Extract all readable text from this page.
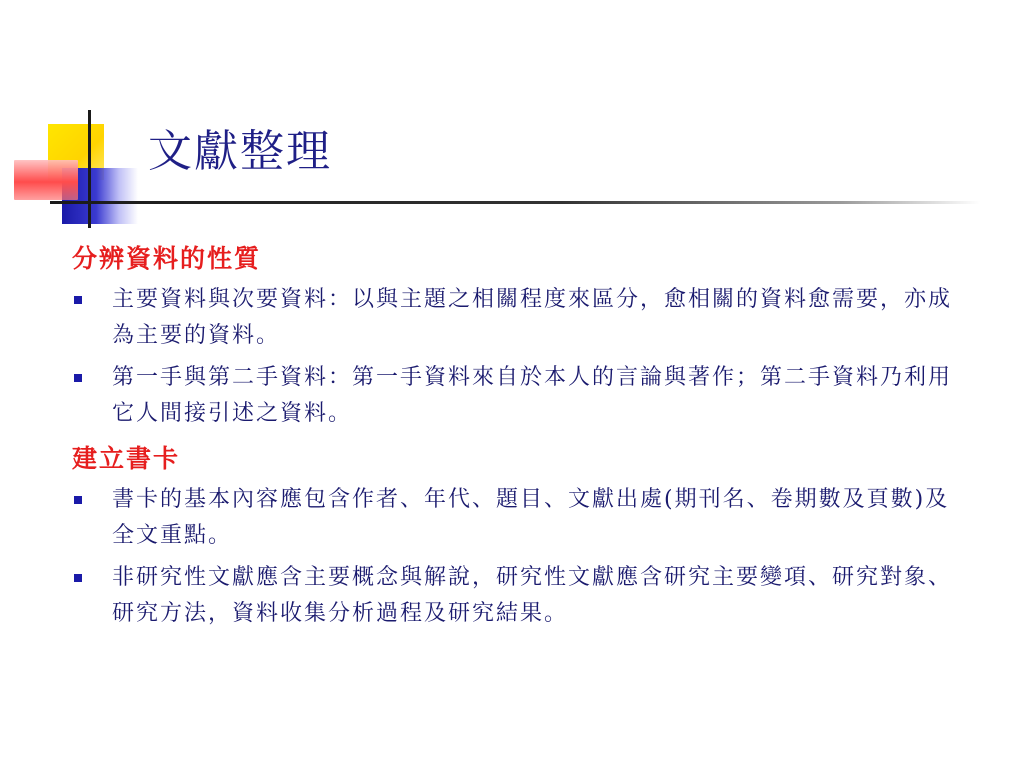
文獻整理
分辨資料的性質
主要資料與次要資料：以與主題之相關程度來區分，愈相關的資料愈需要，亦成為主要的資料。
第一手與第二手資料：第一手資料來自於本人的言論與著作；第二手資料乃利用它人間接引述之資料。
建立書卡
書卡的基本內容應包含作者、年代、題目、文獻出處(期刊名、卷期數及頁數)及全文重點。
非研究性文獻應含主要概念與解說，研究性文獻應含研究主要變項、研究對象、研究方法，資料收集分析過程及研究結果。
